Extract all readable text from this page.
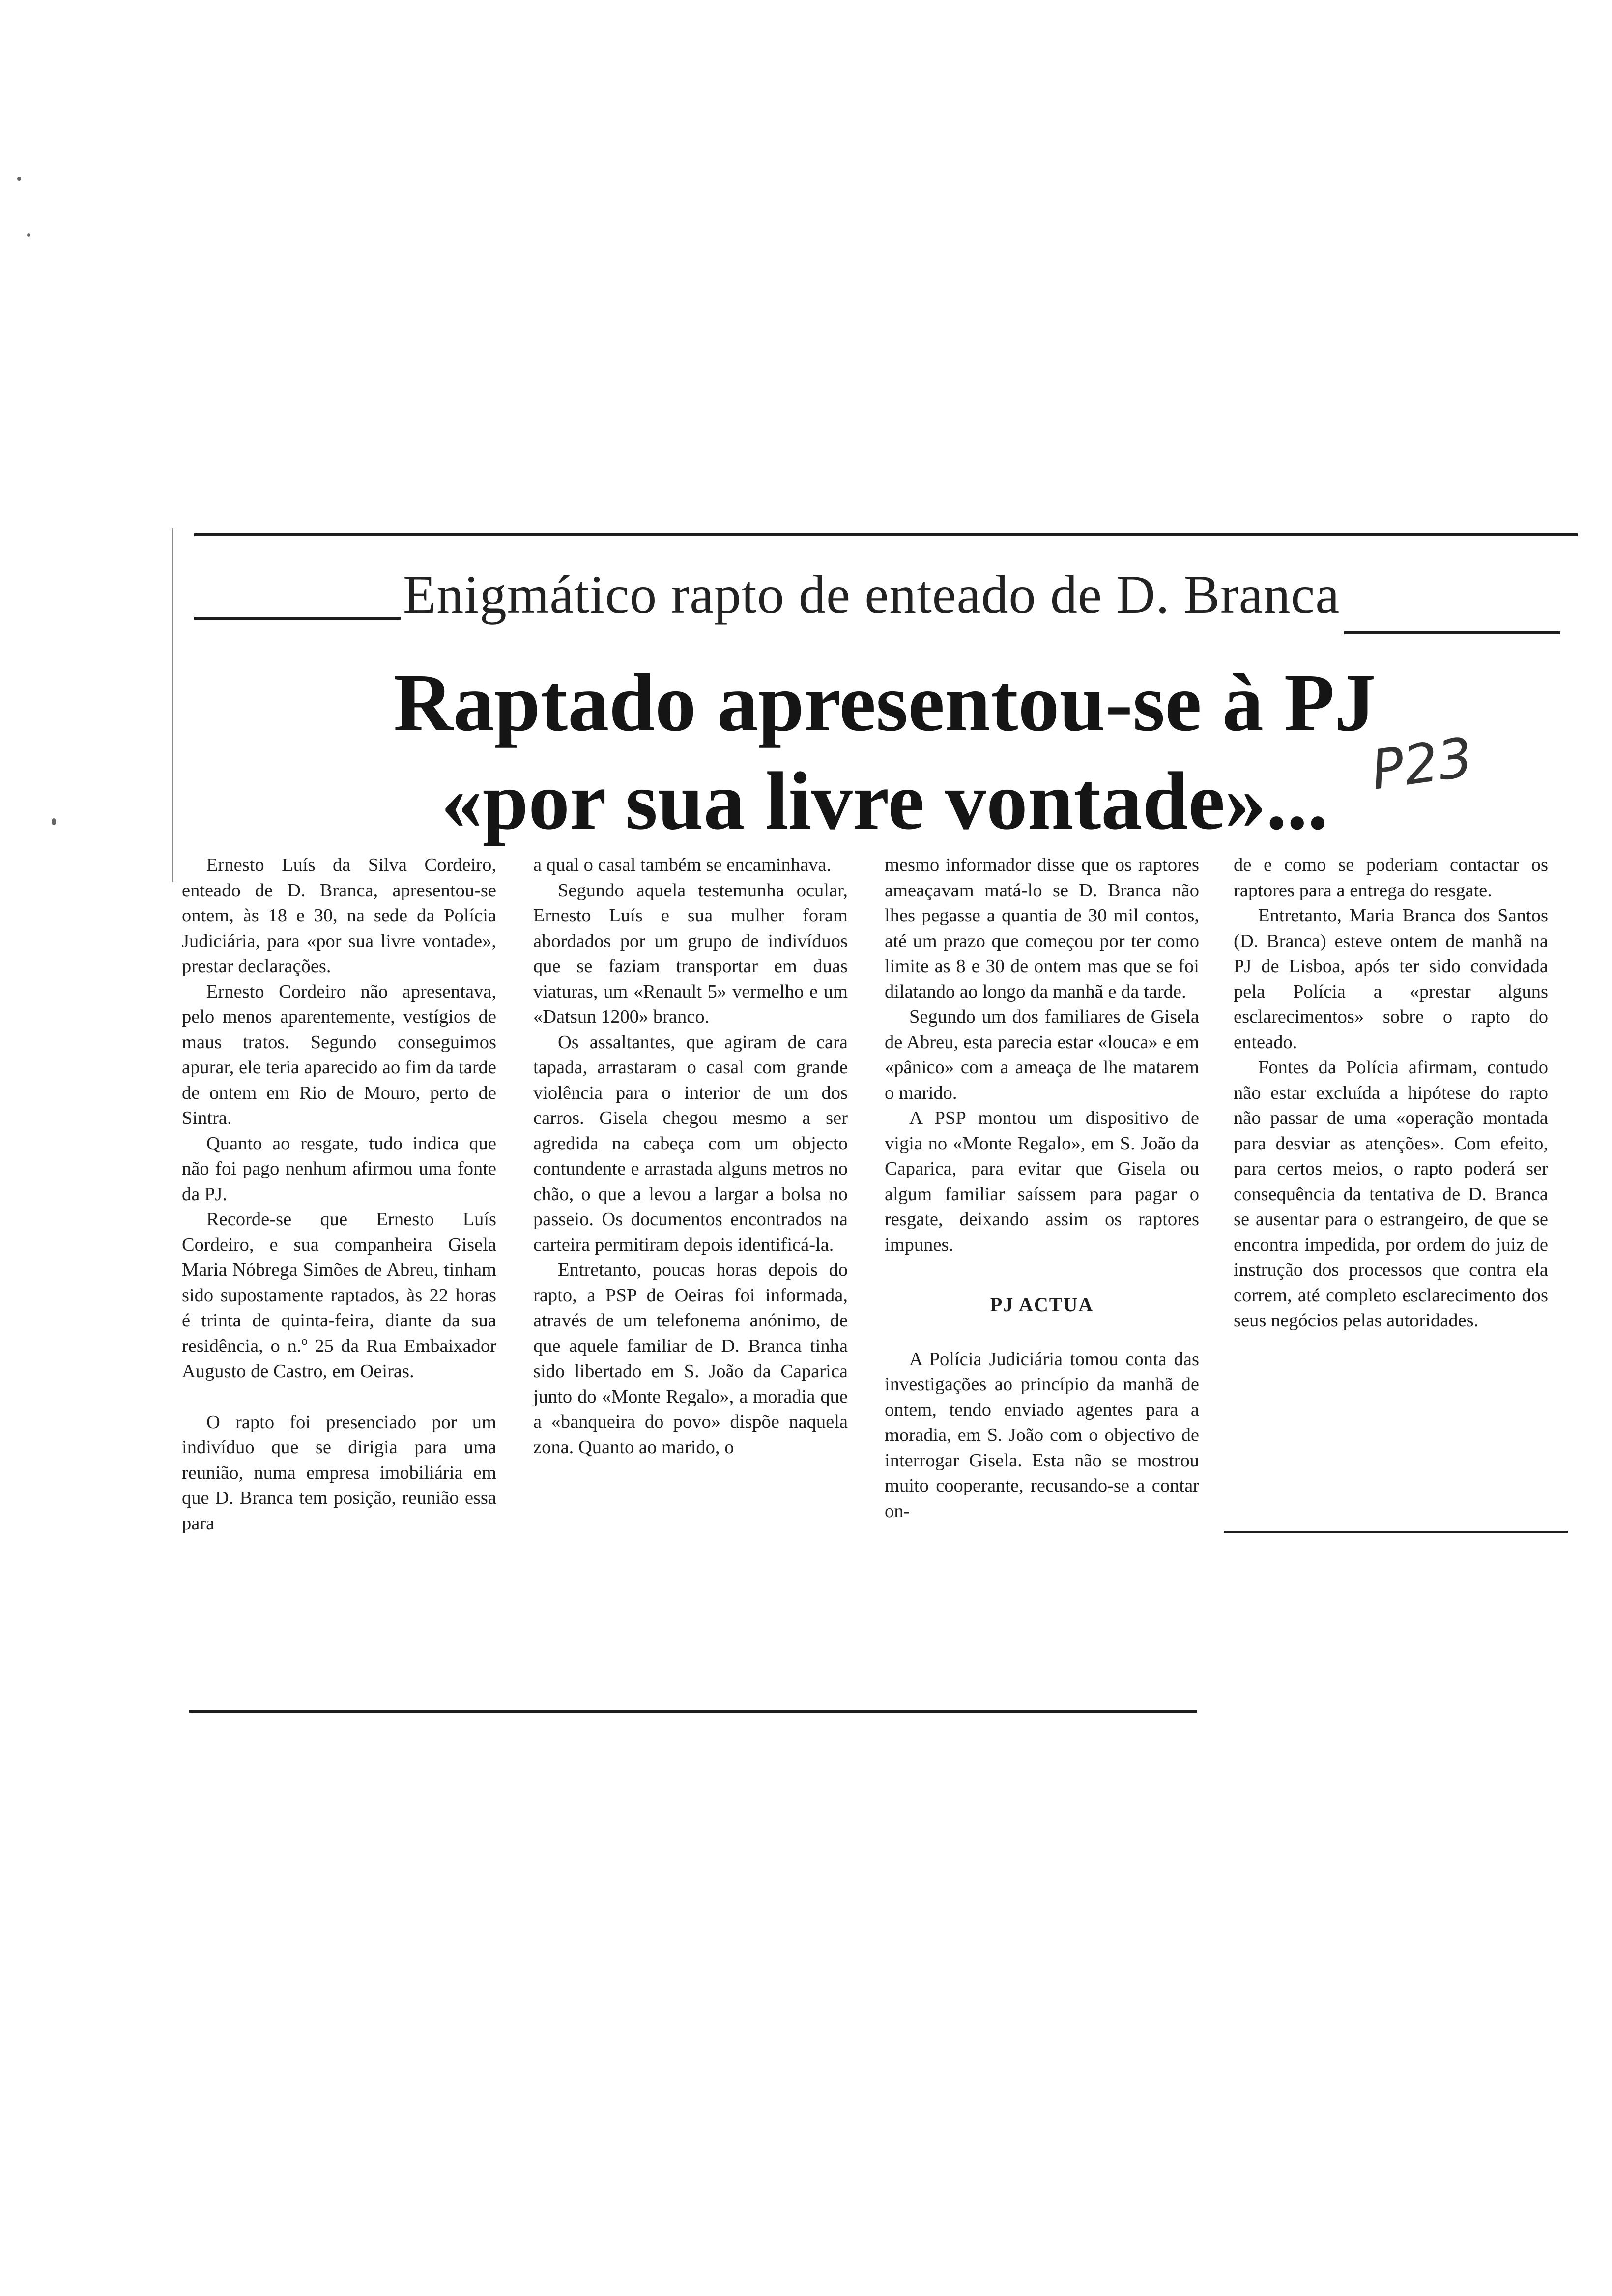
Enigmático rapto de enteado de D. Branca
Raptado apresentou-se à PJ
«por sua livre vontade»... P23

Ernesto Luís da Silva Cordeiro, enteado de D. Branca, apresentou-se ontem, às 18 e 30, na sede da Polícia Judiciária, para «por sua livre vontade», prestar declarações.

Ernesto Cordeiro não apresentava, pelo menos aparentemente, vestígios de maus tratos. Segundo conseguimos apurar, ele teria aparecido ao fim da tarde de ontem em Rio de Mouro, perto de Sintra.

Quanto ao resgate, tudo indica que não foi pago nenhum afirmou uma fonte da PJ.

Recorde-se que Ernesto Luís Cordeiro, e sua companheira Gisela Maria Nóbrega Simões de Abreu, tinham sido supostamente raptados, às 22 horas é trinta de quinta-feira, diante da sua residência, o n.º 25 da Rua Embaixador Augusto de Castro, em Oeiras.

O rapto foi presenciado por um indivíduo que se dirigia para uma reunião, numa empresa imobiliária em que D. Branca tem posição, reunião essa para

a qual o casal também se encaminhava.

Segundo aquela testemunha ocular, Ernesto Luís e sua mulher foram abordados por um grupo de indivíduos que se faziam transportar em duas viaturas, um «Renault 5» vermelho e um «Datsun 1200» branco.

Os assaltantes, que agiram de cara tapada, arrastaram o casal com grande violência para o interior de um dos carros. Gisela chegou mesmo a ser agredida na cabeça com um objecto contundente e arrastada alguns metros no chão, o que a levou a largar a bolsa no passeio. Os documentos encontrados na carteira permitiram depois identificá-la.

Entretanto, poucas horas depois do rapto, a PSP de Oeiras foi informada, através de um telefonema anónimo, de que aquele familiar de D. Branca tinha sido libertado em S. João da Caparica junto do «Monte Regalo», a moradia que a «banqueira do povo» dispõe naquela zona. Quanto ao marido, o

mesmo informador disse que os raptores ameaçavam matá-lo se D. Branca não lhes pegasse a quantia de 30 mil contos, até um prazo que começou por ter como limite as 8 e 30 de ontem mas que se foi dilatando ao longo da manhã e da tarde.

Segundo um dos familiares de Gisela de Abreu, esta parecia estar «louca» e em «pânico» com a ameaça de lhe matarem o marido.

A PSP montou um dispositivo de vigia no «Monte Regalo», em S. João da Caparica, para evitar que Gisela ou algum familiar saíssem para pagar o resgate, deixando assim os raptores impunes.

PJ ACTUA

A Polícia Judiciária tomou conta das investigações ao princípio da manhã de ontem, tendo enviado agentes para a moradia, em S. João com o objectivo de interrogar Gisela. Esta não se mostrou muito cooperante, recusando-se a contar on-

de e como se poderiam contactar os raptores para a entrega do resgate.

Entretanto, Maria Branca dos Santos (D. Branca) esteve ontem de manhã na PJ de Lisboa, após ter sido convidada pela Polícia a «prestar alguns esclarecimentos» sobre o rapto do enteado.

Fontes da Polícia afirmam, contudo não estar excluída a hipótese do rapto não passar de uma «operação montada para desviar as atenções». Com efeito, para certos meios, o rapto poderá ser consequência da tentativa de D. Branca se ausentar para o estrangeiro, de que se encontra impedida, por ordem do juiz de instrução dos processos que contra ela correm, até completo esclarecimento dos seus negócios pelas autoridades.
